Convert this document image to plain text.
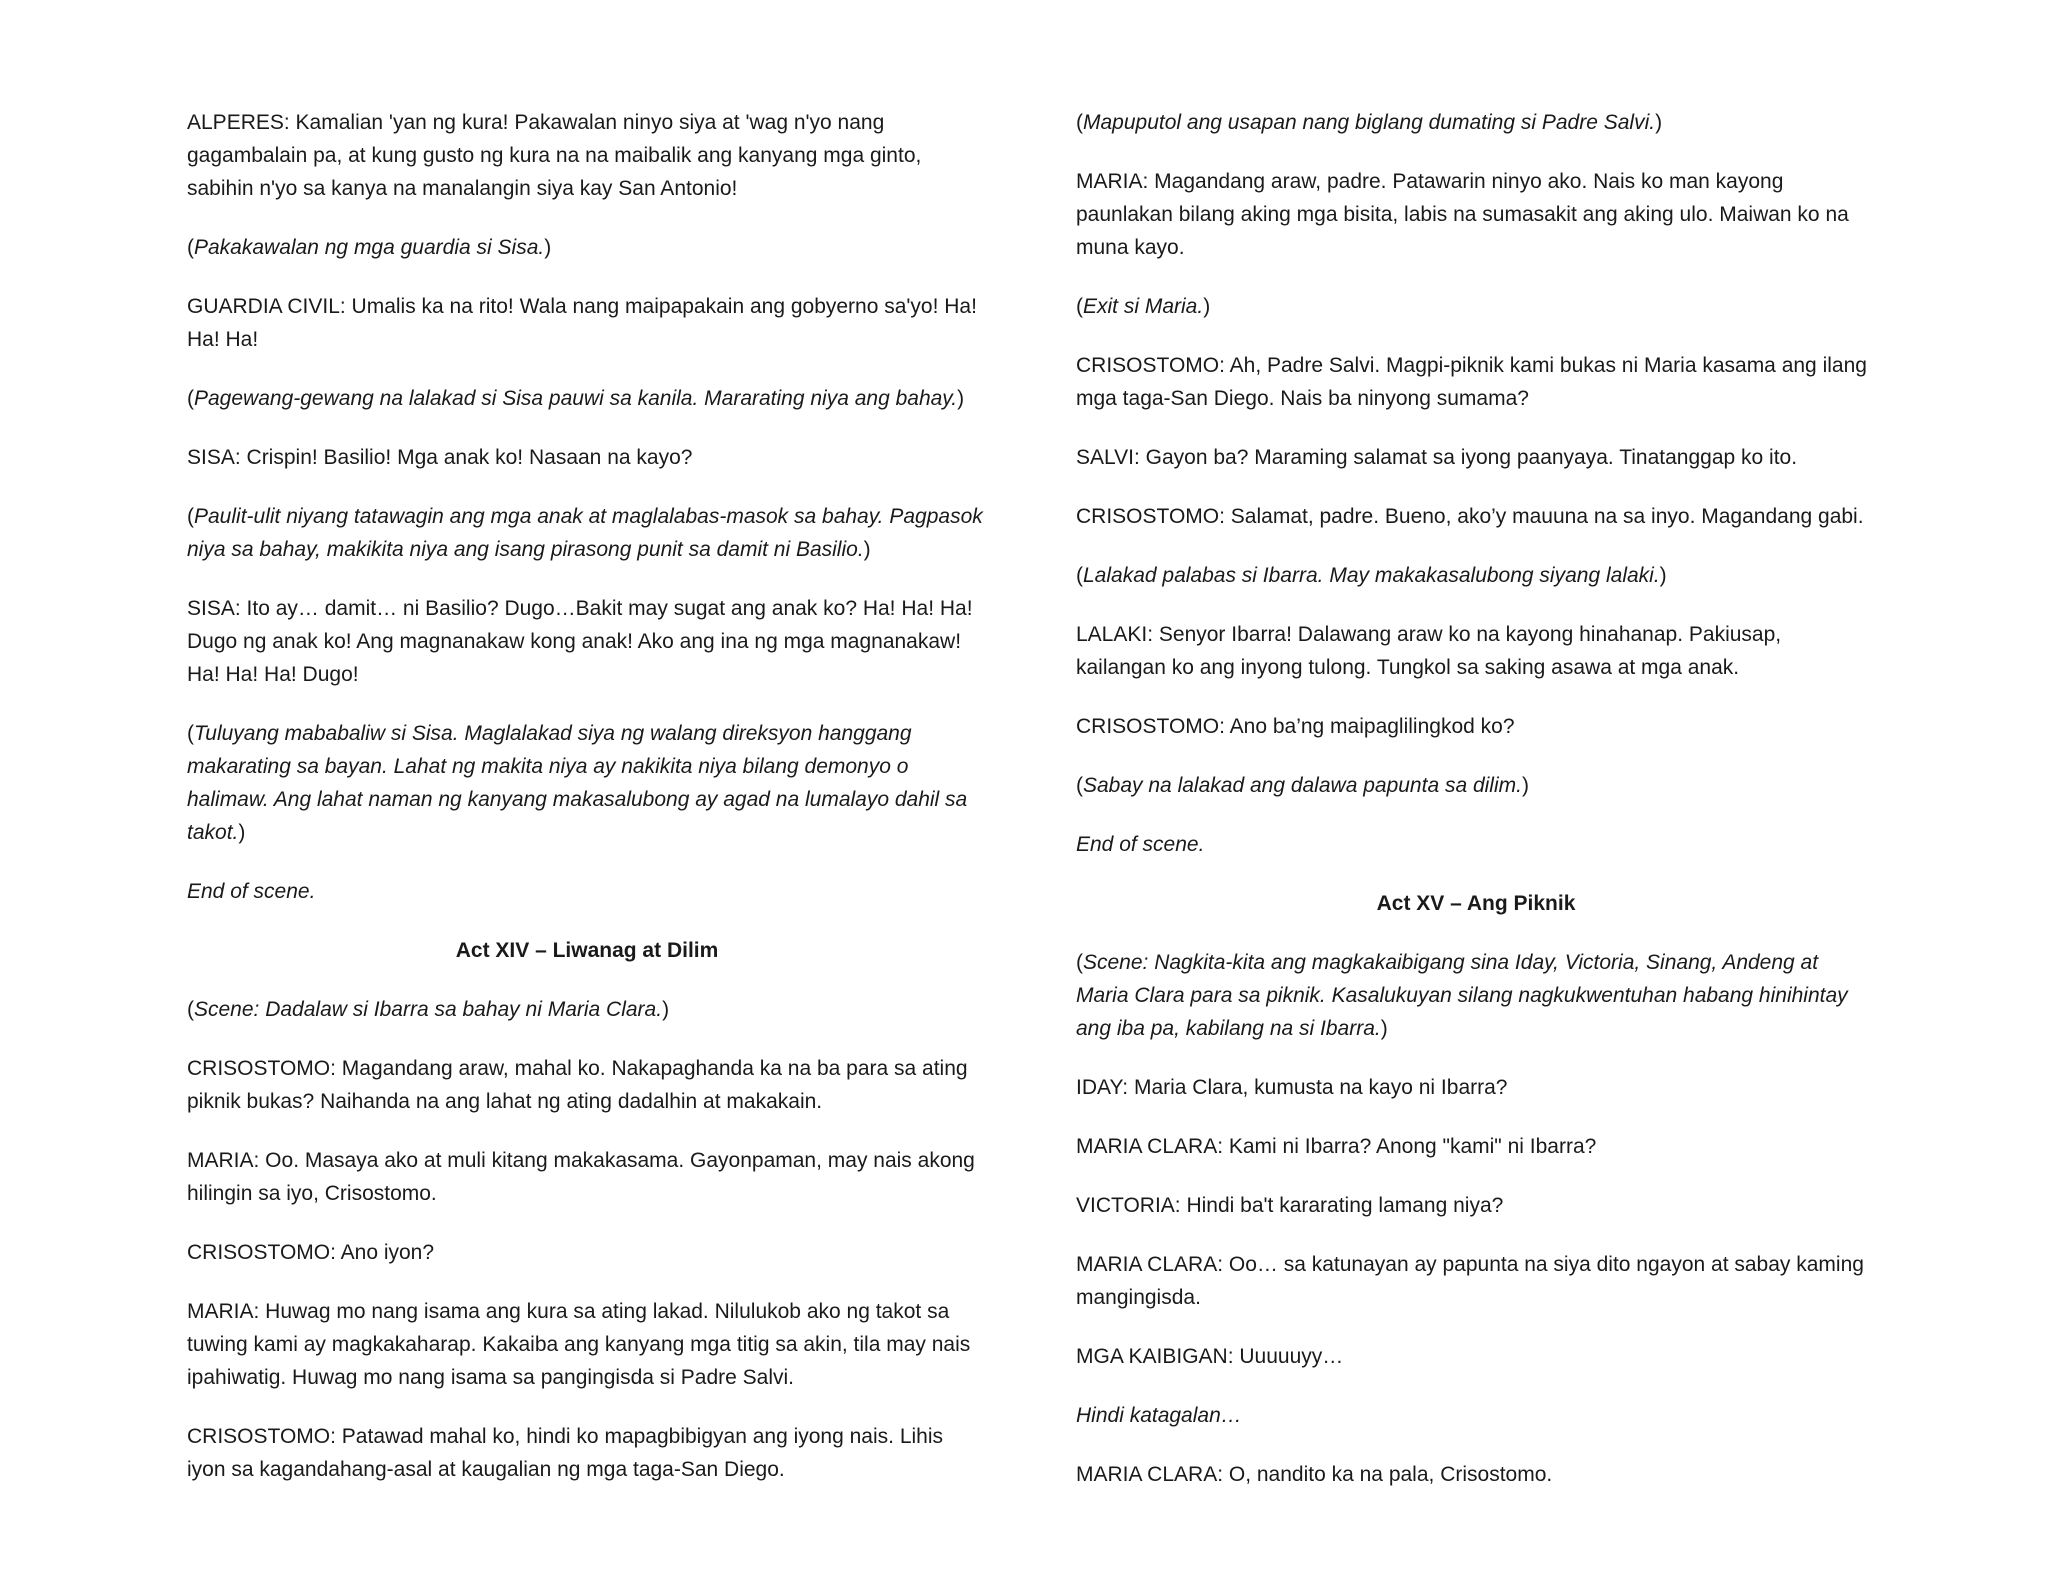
ALPERES: Kamalian 'yan ng kura! Pakawalan ninyo siya at 'wag n'yo nang gagambalain pa, at kung gusto ng kura na na maibalik ang kanyang mga ginto, sabihin n'yo sa kanya na manalangin siya kay San Antonio!

(Pakakawalan ng mga guardia si Sisa.)

GUARDIA CIVIL: Umalis ka na rito! Wala nang maipapakain ang gobyerno sa'yo! Ha! Ha! Ha!

(Pagewang-gewang na lalakad si Sisa pauwi sa kanila. Mararating niya ang bahay.)

SISA: Crispin! Basilio! Mga anak ko! Nasaan na kayo?

(Paulit-ulit niyang tatawagin ang mga anak at maglalabas-masok sa bahay. Pagpasok niya sa bahay, makikita niya ang isang pirasong punit sa damit ni Basilio.)

SISA: Ito ay… damit… ni Basilio? Dugo…Bakit may sugat ang anak ko? Ha! Ha! Ha! Dugo ng anak ko! Ang magnanakaw kong anak! Ako ang ina ng mga magnanakaw! Ha! Ha! Ha! Dugo!

(Tuluyang mababaliw si Sisa. Maglalakad siya ng walang direksyon hanggang makarating sa bayan. Lahat ng makita niya ay nakikita niya bilang demonyo o halimaw. Ang lahat naman ng kanyang makasalubong ay agad na lumalayo dahil sa takot.)

End of scene.

Act XIV – Liwanag at Dilim

(Scene: Dadalaw si Ibarra sa bahay ni Maria Clara.)

CRISOSTOMO: Magandang araw, mahal ko. Nakapaghanda ka na ba para sa ating piknik bukas? Naihanda na ang lahat ng ating dadalhin at makakain.

MARIA: Oo. Masaya ako at muli kitang makakasama. Gayonpaman, may nais akong hilingin sa iyo, Crisostomo.

CRISOSTOMO: Ano iyon?

MARIA: Huwag mo nang isama ang kura sa ating lakad. Nilulukob ako ng takot sa tuwing kami ay magkakaharap. Kakaiba ang kanyang mga titig sa akin, tila may nais ipahiwatig. Huwag mo nang isama sa pangingisda si Padre Salvi.

CRISOSTOMO: Patawad mahal ko, hindi ko mapagbibigyan ang iyong nais. Lihis iyon sa kagandahang-asal at kaugalian ng mga taga-San Diego.

(Mapuputol ang usapan nang biglang dumating si Padre Salvi.)

MARIA: Magandang araw, padre. Patawarin ninyo ako. Nais ko man kayong paunlakan bilang aking mga bisita, labis na sumasakit ang aking ulo. Maiwan ko na muna kayo.

(Exit si Maria.)

CRISOSTOMO: Ah, Padre Salvi. Magpi-piknik kami bukas ni Maria kasama ang ilang mga taga-San Diego. Nais ba ninyong sumama?

SALVI: Gayon ba? Maraming salamat sa iyong paanyaya. Tinatanggap ko ito.

CRISOSTOMO: Salamat, padre. Bueno, ako’y mauuna na sa inyo. Magandang gabi.

(Lalakad palabas si Ibarra. May makakasalubong siyang lalaki.)

LALAKI: Senyor Ibarra! Dalawang araw ko na kayong hinahanap. Pakiusap, kailangan ko ang inyong tulong. Tungkol sa saking asawa at mga anak.

CRISOSTOMO: Ano ba’ng maipaglilingkod ko?

(Sabay na lalakad ang dalawa papunta sa dilim.)

End of scene.

Act XV – Ang Piknik

(Scene: Nagkita-kita ang magkakaibigang sina Iday, Victoria, Sinang, Andeng at Maria Clara para sa piknik. Kasalukuyan silang nagkukwentuhan habang hinihintay ang iba pa, kabilang na si Ibarra.)

IDAY: Maria Clara, kumusta na kayo ni Ibarra?

MARIA CLARA: Kami ni Ibarra? Anong "kami" ni Ibarra?

VICTORIA: Hindi ba't kararating lamang niya?

MARIA CLARA: Oo… sa katunayan ay papunta na siya dito ngayon at sabay kaming mangingisda.

MGA KAIBIGAN: Uuuuuyy…

Hindi katagalan…

MARIA CLARA: O, nandito ka na pala, Crisostomo.
